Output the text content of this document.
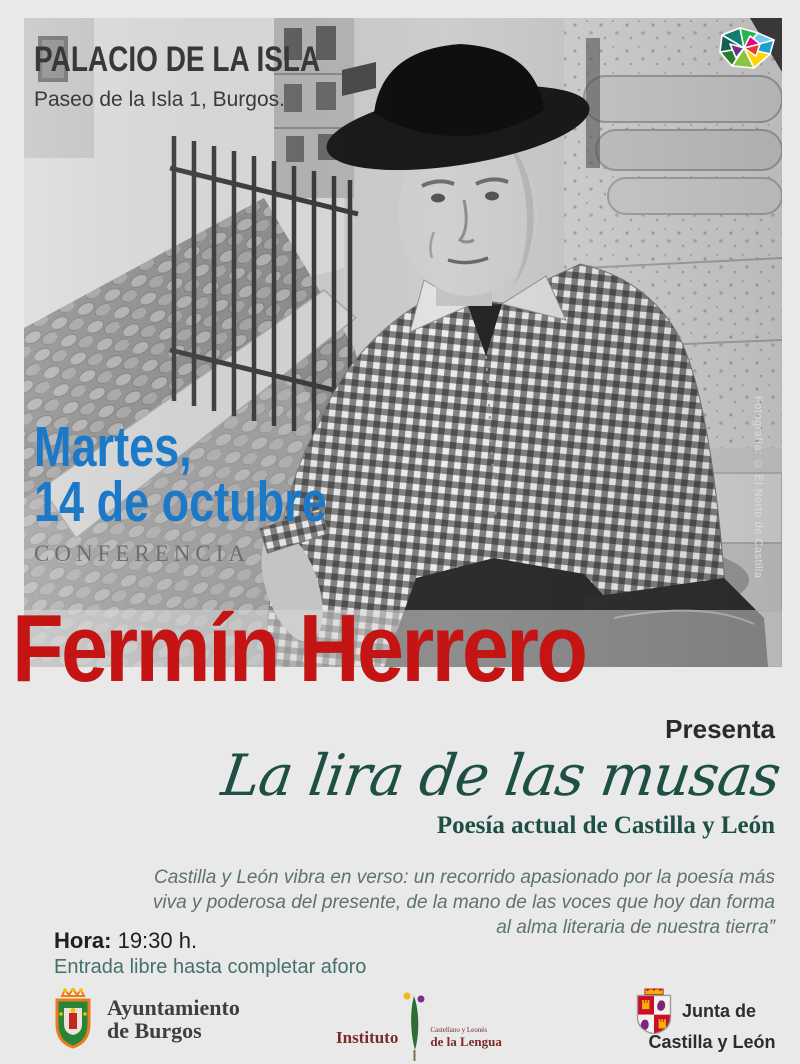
PALACIO DE LA ISLA
Paseo de la Isla 1, Burgos.
Martes,
14 de octubre
CONFERENCIA
Fermín Herrero
Fotografía: © El Norte de Castilla
Presenta
La lira de las musas
Poesía actual de Castilla y León
Castilla y León vibra en verso: un recorrido apasionado por la poesía más viva y poderosa del presente, de la mano de las voces que hoy dan forma al alma literaria de nuestra tierra”
Hora: 19:30 h.
Entrada libre hasta completar aforo
Ayuntamiento
de Burgos	Instituto	Castellano y Leonés
de la Lengua
Junta de
Castilla y León
